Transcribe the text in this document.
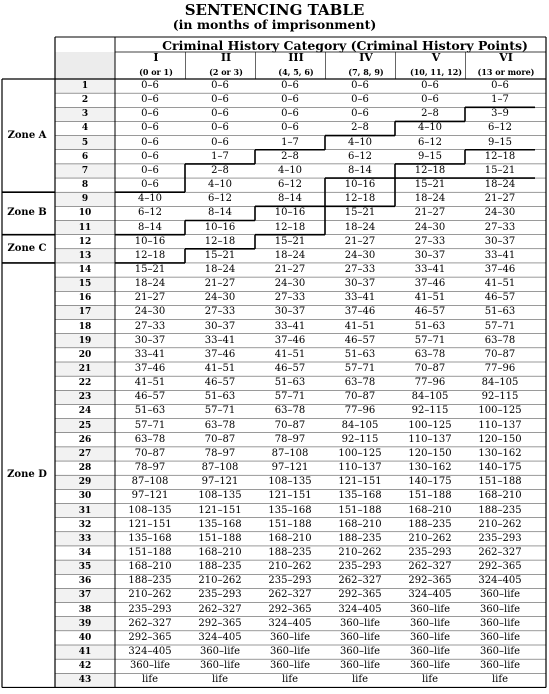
SENTENCING TABLE
(in months of imprisonment)
Criminal History Category (Criminal History Points)
I	II	III	IV	V	VI
(0 or 1)	(2 or 3)	(4, 5, 6)	(7, 8, 9)	(10, 11, 12)	(13 or more)
1	0–6	0–6	0–6	0–6	0–6	0–6
2	0–6	0–6	0–6	0–6	0–6	1–7
3	0–6	0–6	0–6	0–6	2–8	3–9
4	0–6	0–6	0–6	2–8	4–10	6–12
5	0–6	0–6	1–7	4–10	6–12	9–15
6	0–6	1–7	2–8	6–12	9–15	12–18
7	0–6	2–8	4–10	8–14	12–18	15–21
8	0–6	4–10	6–12	10–16	15–21	18–24
9	4–10	6–12	8–14	12–18	18–24	21–27
10	6–12	8–14	10–16	15–21	21–27	24–30
11	8–14	10–16	12–18	18–24	24–30	27–33
12	10–16	12–18	15–21	21–27	27–33	30–37
13	12–18	15–21	18–24	24–30	30–37	33–41
14	15–21	18–24	21–27	27–33	33–41	37–46
15	18–24	21–27	24–30	30–37	37–46	41–51
16	21–27	24–30	27–33	33–41	41–51	46–57
17	24–30	27–33	30–37	37–46	46–57	51–63
18	27–33	30–37	33–41	41–51	51–63	57–71
19	30–37	33–41	37–46	46–57	57–71	63–78
20	33–41	37–46	41–51	51–63	63–78	70–87
21	37–46	41–51	46–57	57–71	70–87	77–96
22	41–51	46–57	51–63	63–78	77–96	84–105
23	46–57	51–63	57–71	70–87	84–105	92–115
24	51–63	57–71	63–78	77–96	92–115	100–125
25	57–71	63–78	70–87	84–105	100–125	110–137
26	63–78	70–87	78–97	92–115	110–137	120–150
27	70–87	78–97	87–108	100–125	120–150	130–162
28	78–97	87–108	97–121	110–137	130–162	140–175
29	87–108	97–121	108–135	121–151	140–175	151–188
30	97–121	108–135	121–151	135–168	151–188	168–210
31	108–135	121–151	135–168	151–188	168–210	188–235
32	121–151	135–168	151–188	168–210	188–235	210–262
33	135–168	151–188	168–210	188–235	210–262	235–293
34	151–188	168–210	188–235	210–262	235–293	262–327
35	168–210	188–235	210–262	235–293	262–327	292–365
36	188–235	210–262	235–293	262–327	292–365	324–405
37	210–262	235–293	262–327	292–365	324–405	360–life
38	235–293	262–327	292–365	324–405	360–life	360–life
39	262–327	292–365	324–405	360–life	360–life	360–life
40	292–365	324–405	360–life	360–life	360–life	360–life
41	324–405	360–life	360–life	360–life	360–life	360–life
42	360–life	360–life	360–life	360–life	360–life	360–life
43	life	life	life	life	life	life
Zone A
Zone B
Zone C
Zone D
